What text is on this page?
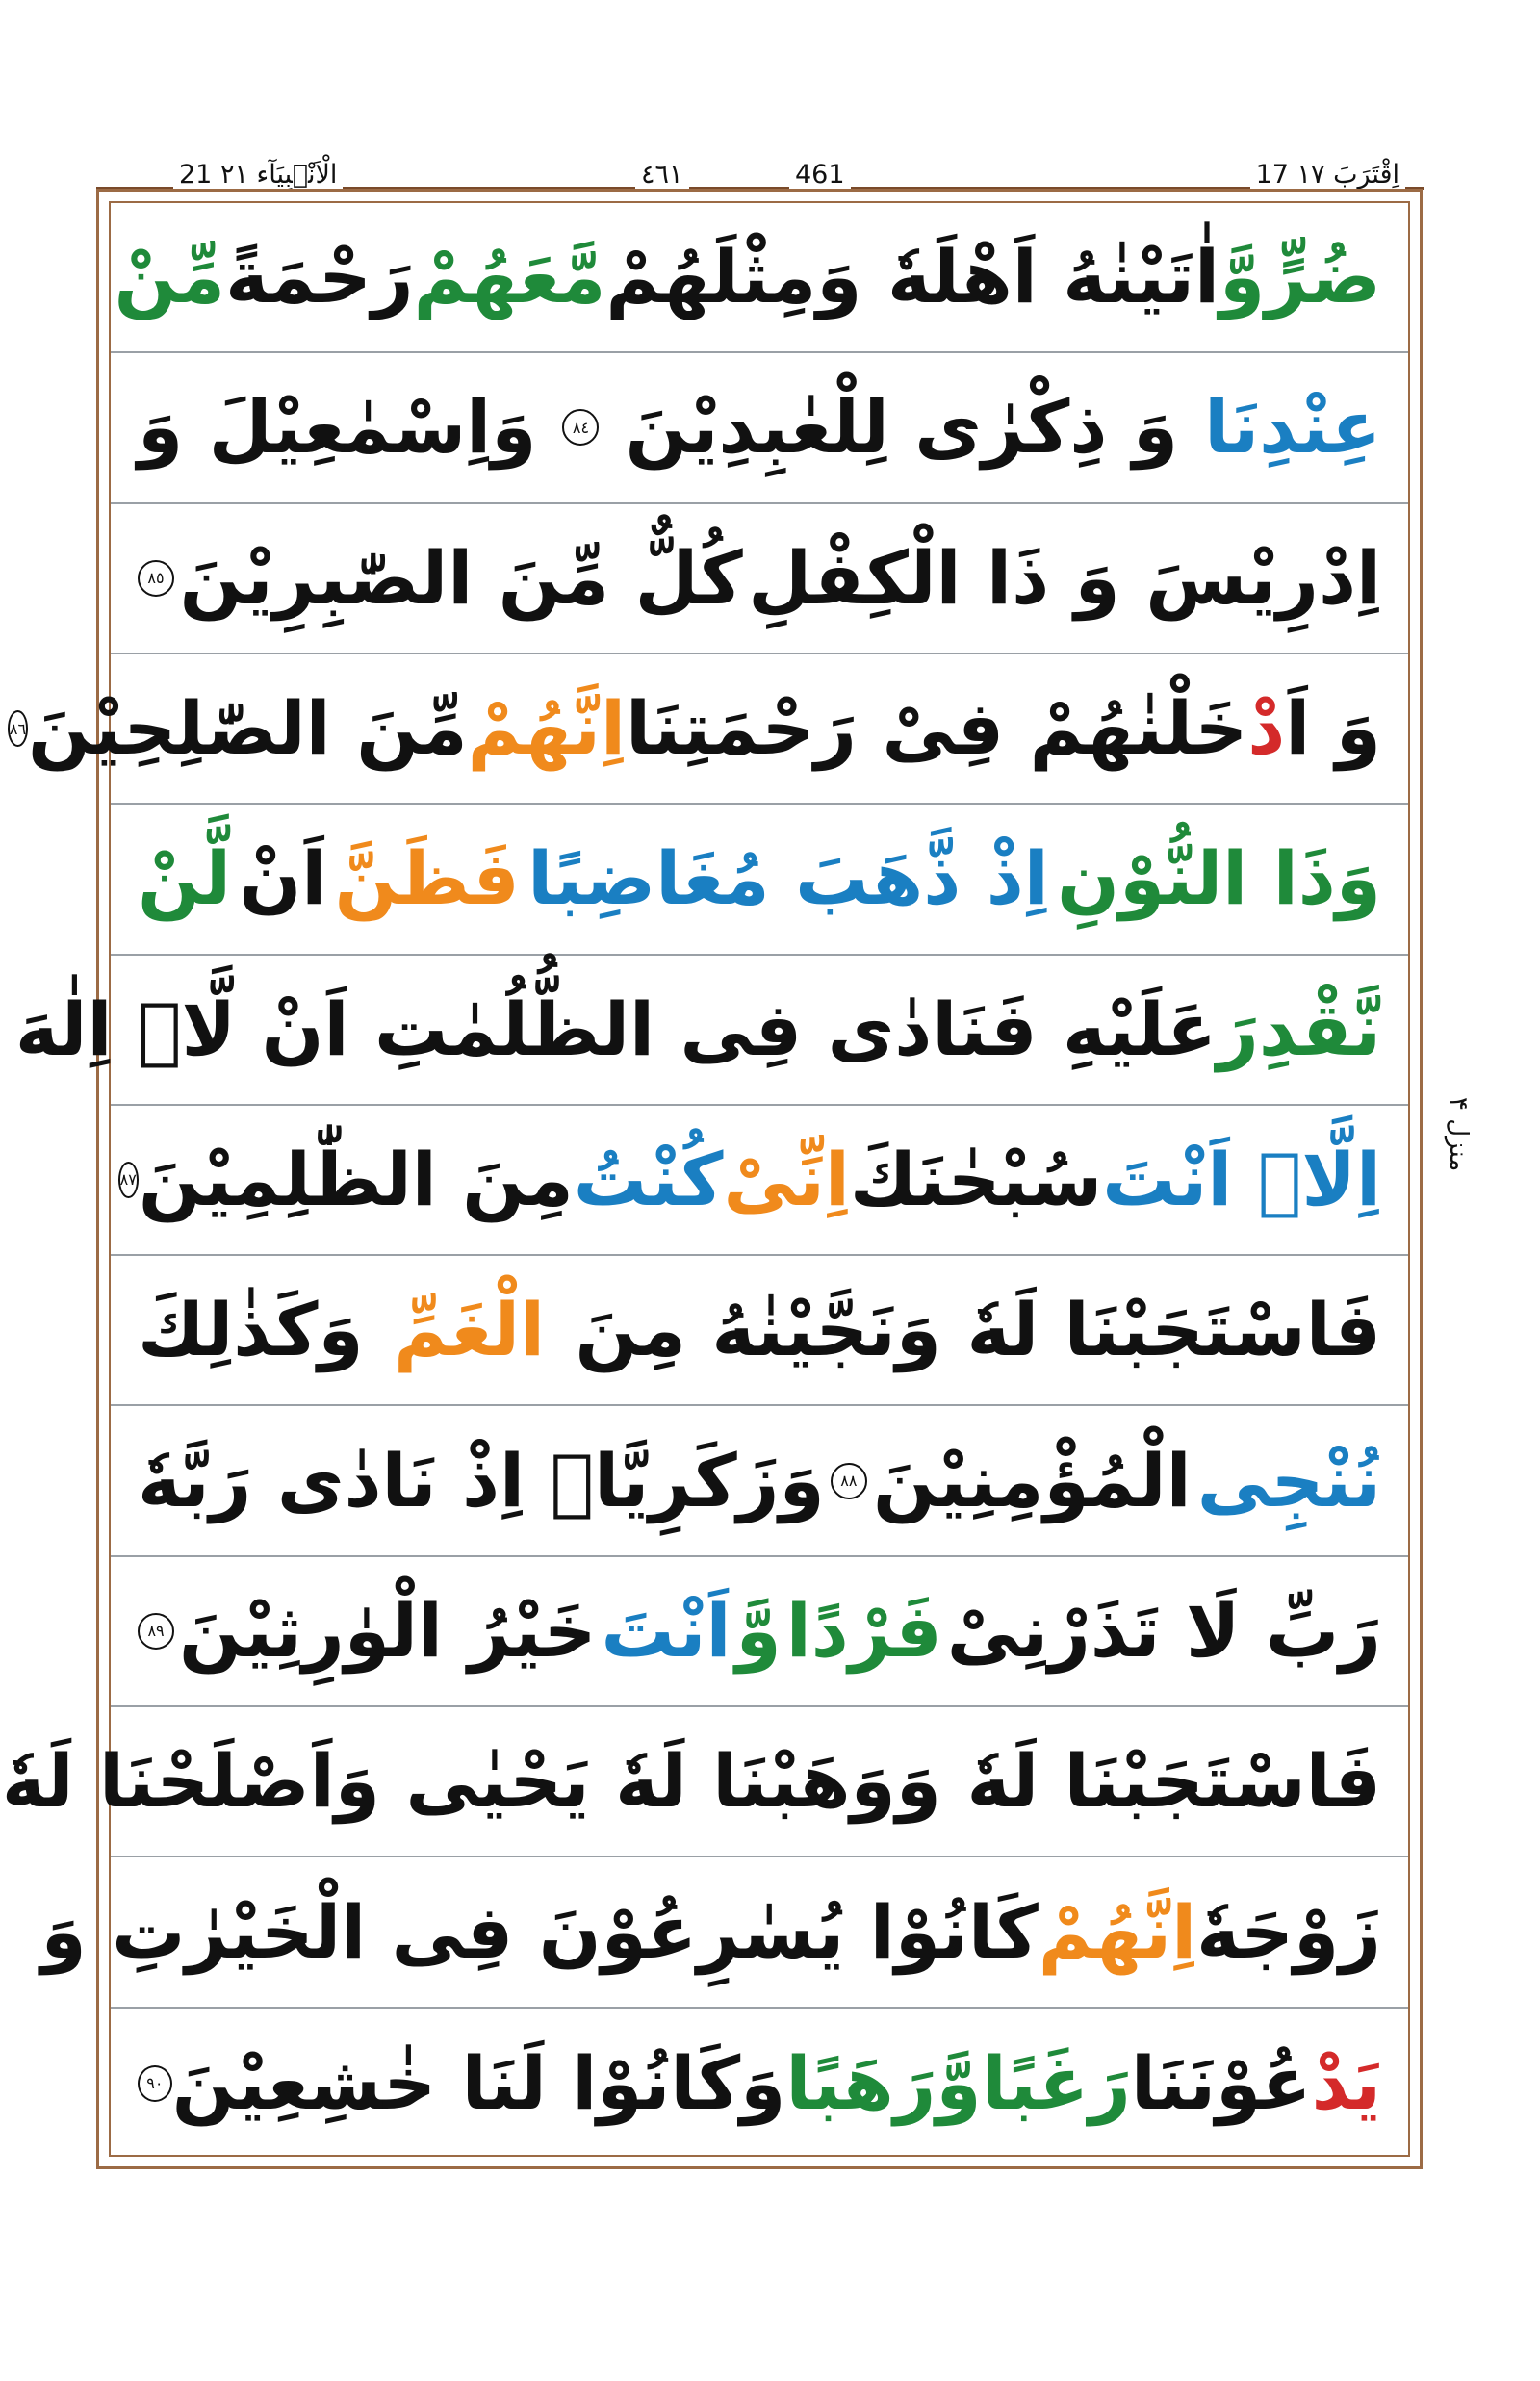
17 اِقْتَرَبَ ١٧
٤٦١	461
21 الْاَنْۢبِيَآء ٢١
ضُرٍّ
وَّ
اٰتَيْنٰهُ اَهْلَهٗ وَمِثْلَهُمْ
مَّعَهُمْ
رَحْمَةً
مِّنْ
عِنْدِنَا
وَ ذِكْرٰى لِلْعٰبِدِيْنَ
٨٤
وَاِسْمٰعِيْلَ وَ
اِدْرِيْسَ وَ ذَا الْكِفْلِ
كُلٌّ مِّنَ الصّٰبِرِيْنَ
٨٥
وَ اَ
دْ
خَلْنٰهُمْ فِىْ رَحْمَتِنَا
اِنَّهُمْ
مِّنَ الصّٰلِحِيْنَ
٨٦
وَذَا النُّوْنِ
اِذْ ذَّهَبَ مُغَاضِبًا
فَظَنَّ
اَنْ
لَّنْ
نَّقْدِرَ
عَلَيْهِ فَنَادٰى فِى الظُّلُمٰتِ اَنْ لَّاۤ اِلٰهَ
اِلَّاۤ اَنْتَ
سُبْحٰنَكَ
اِنِّىْ
كُنْتُ
مِنَ الظّٰلِمِيْنَ
٨٧
فَاسْتَجَبْنَا لَهٗ وَنَجَّيْنٰهُ مِنَ
الْغَمِّ
وَكَذٰلِكَ
نُنْجِى
الْمُؤْمِنِيْنَ
٨٨
وَزَكَرِيَّاۤ اِذْ نَادٰى رَبَّهٗ
رَبِّ لَا تَذَرْنِىْ
فَرْدًا
وَّ
اَنْتَ
خَيْرُ الْوٰرِثِيْنَ
٨٩
فَاسْتَجَبْنَا لَهٗ وَوَهَبْنَا لَهٗ يَحْيٰى وَاَصْلَحْنَا لَهٗ
زَوْجَهٗ
اِنَّهُمْ
كَانُوْا يُسٰرِعُوْنَ فِى الْخَيْرٰتِ وَ
يَدْ
عُوْنَنَا
رَغَبًا
وَّرَهَبًا
وَكَانُوْا لَنَا خٰشِعِيْنَ
٩٠
منزل ۴
